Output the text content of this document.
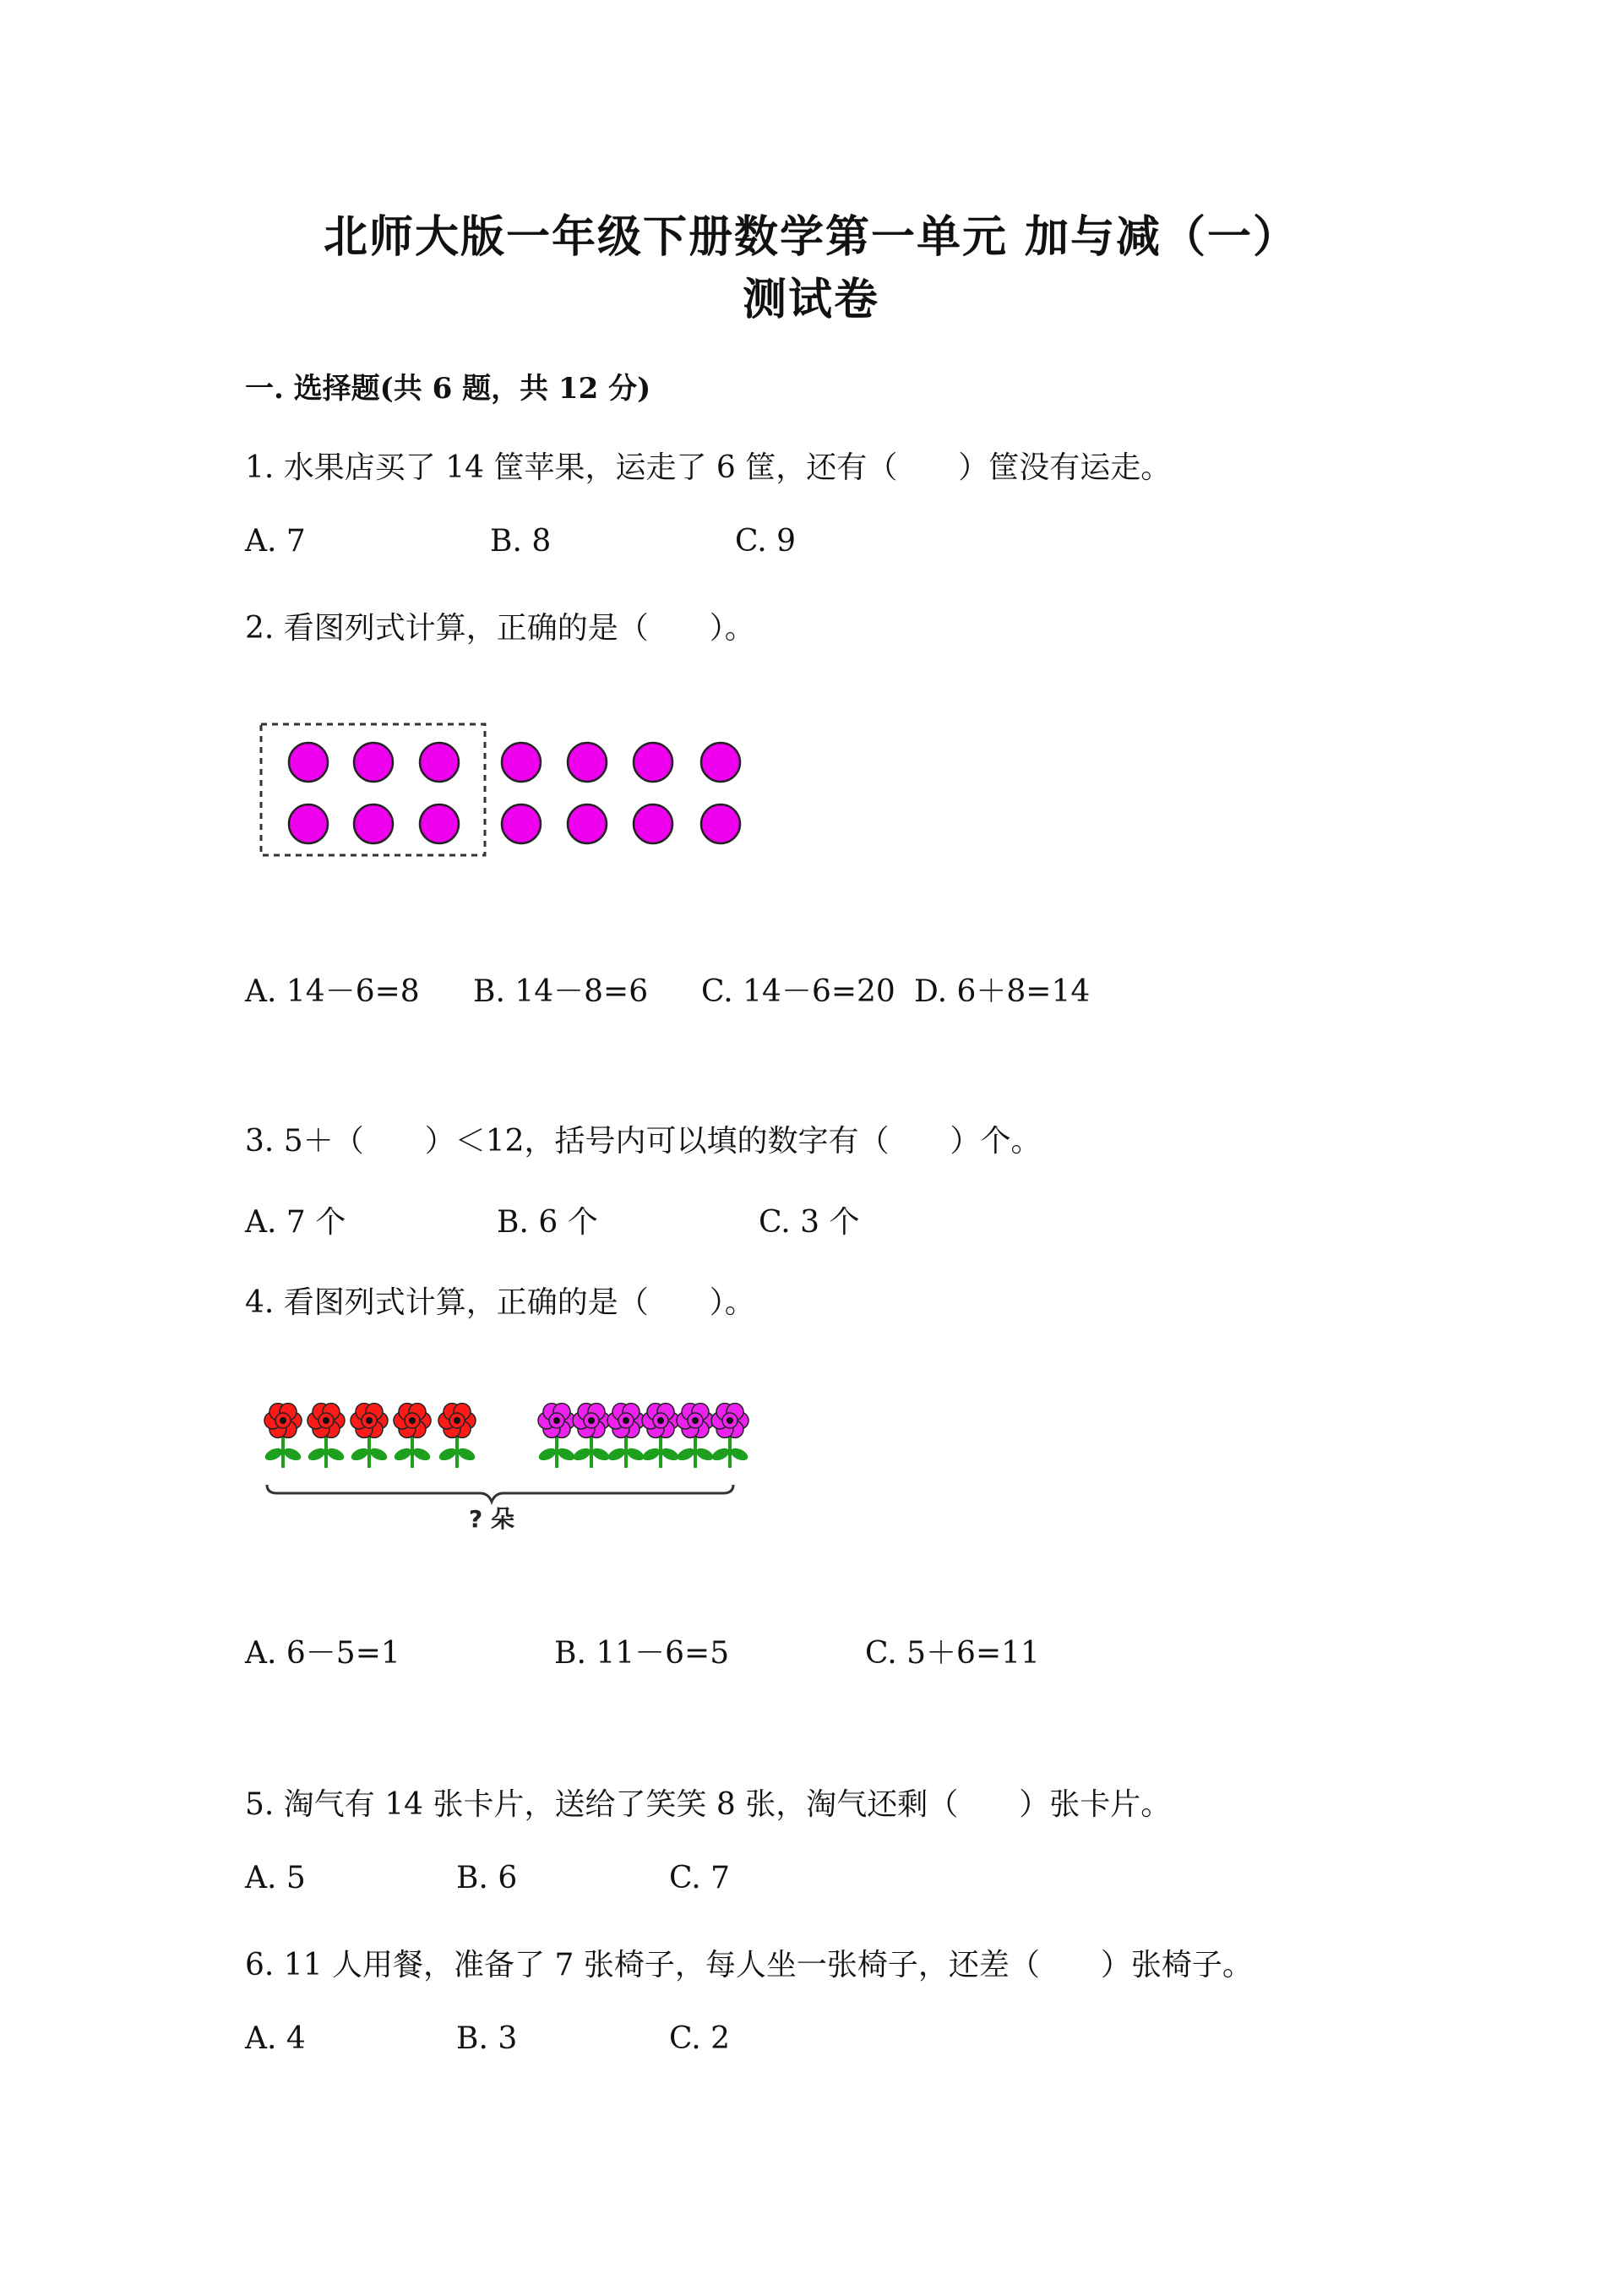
北师大版一年级下册数学第一单元 加与减（一）
测试卷
一. 选择题(共 6 题，共 12 分)
1. 水果店买了 14 筐苹果，运走了 6 筐，还有（　　）筐没有运走。
A. 7	B. 8	C. 9
2. 看图列式计算，正确的是（　　）。
A. 14－6=8 B. 14－8=6 C. 14－6=20 D. 6＋8=14
3. 5＋（　　）＜12，括号内可以填的数字有（　　）个。
A. 7 个	B. 6 个	C. 3 个
4. 看图列式计算，正确的是（　　）。
? 朵
A. 6－5=1	B. 11－6=5	C. 5＋6=11
5. 淘气有 14 张卡片，送给了笑笑 8 张，淘气还剩（　　）张卡片。
A. 5	B. 6	C. 7
6. 11 人用餐，准备了 7 张椅子，每人坐一张椅子，还差（　　）张椅子。
A. 4	B. 3	C. 2
